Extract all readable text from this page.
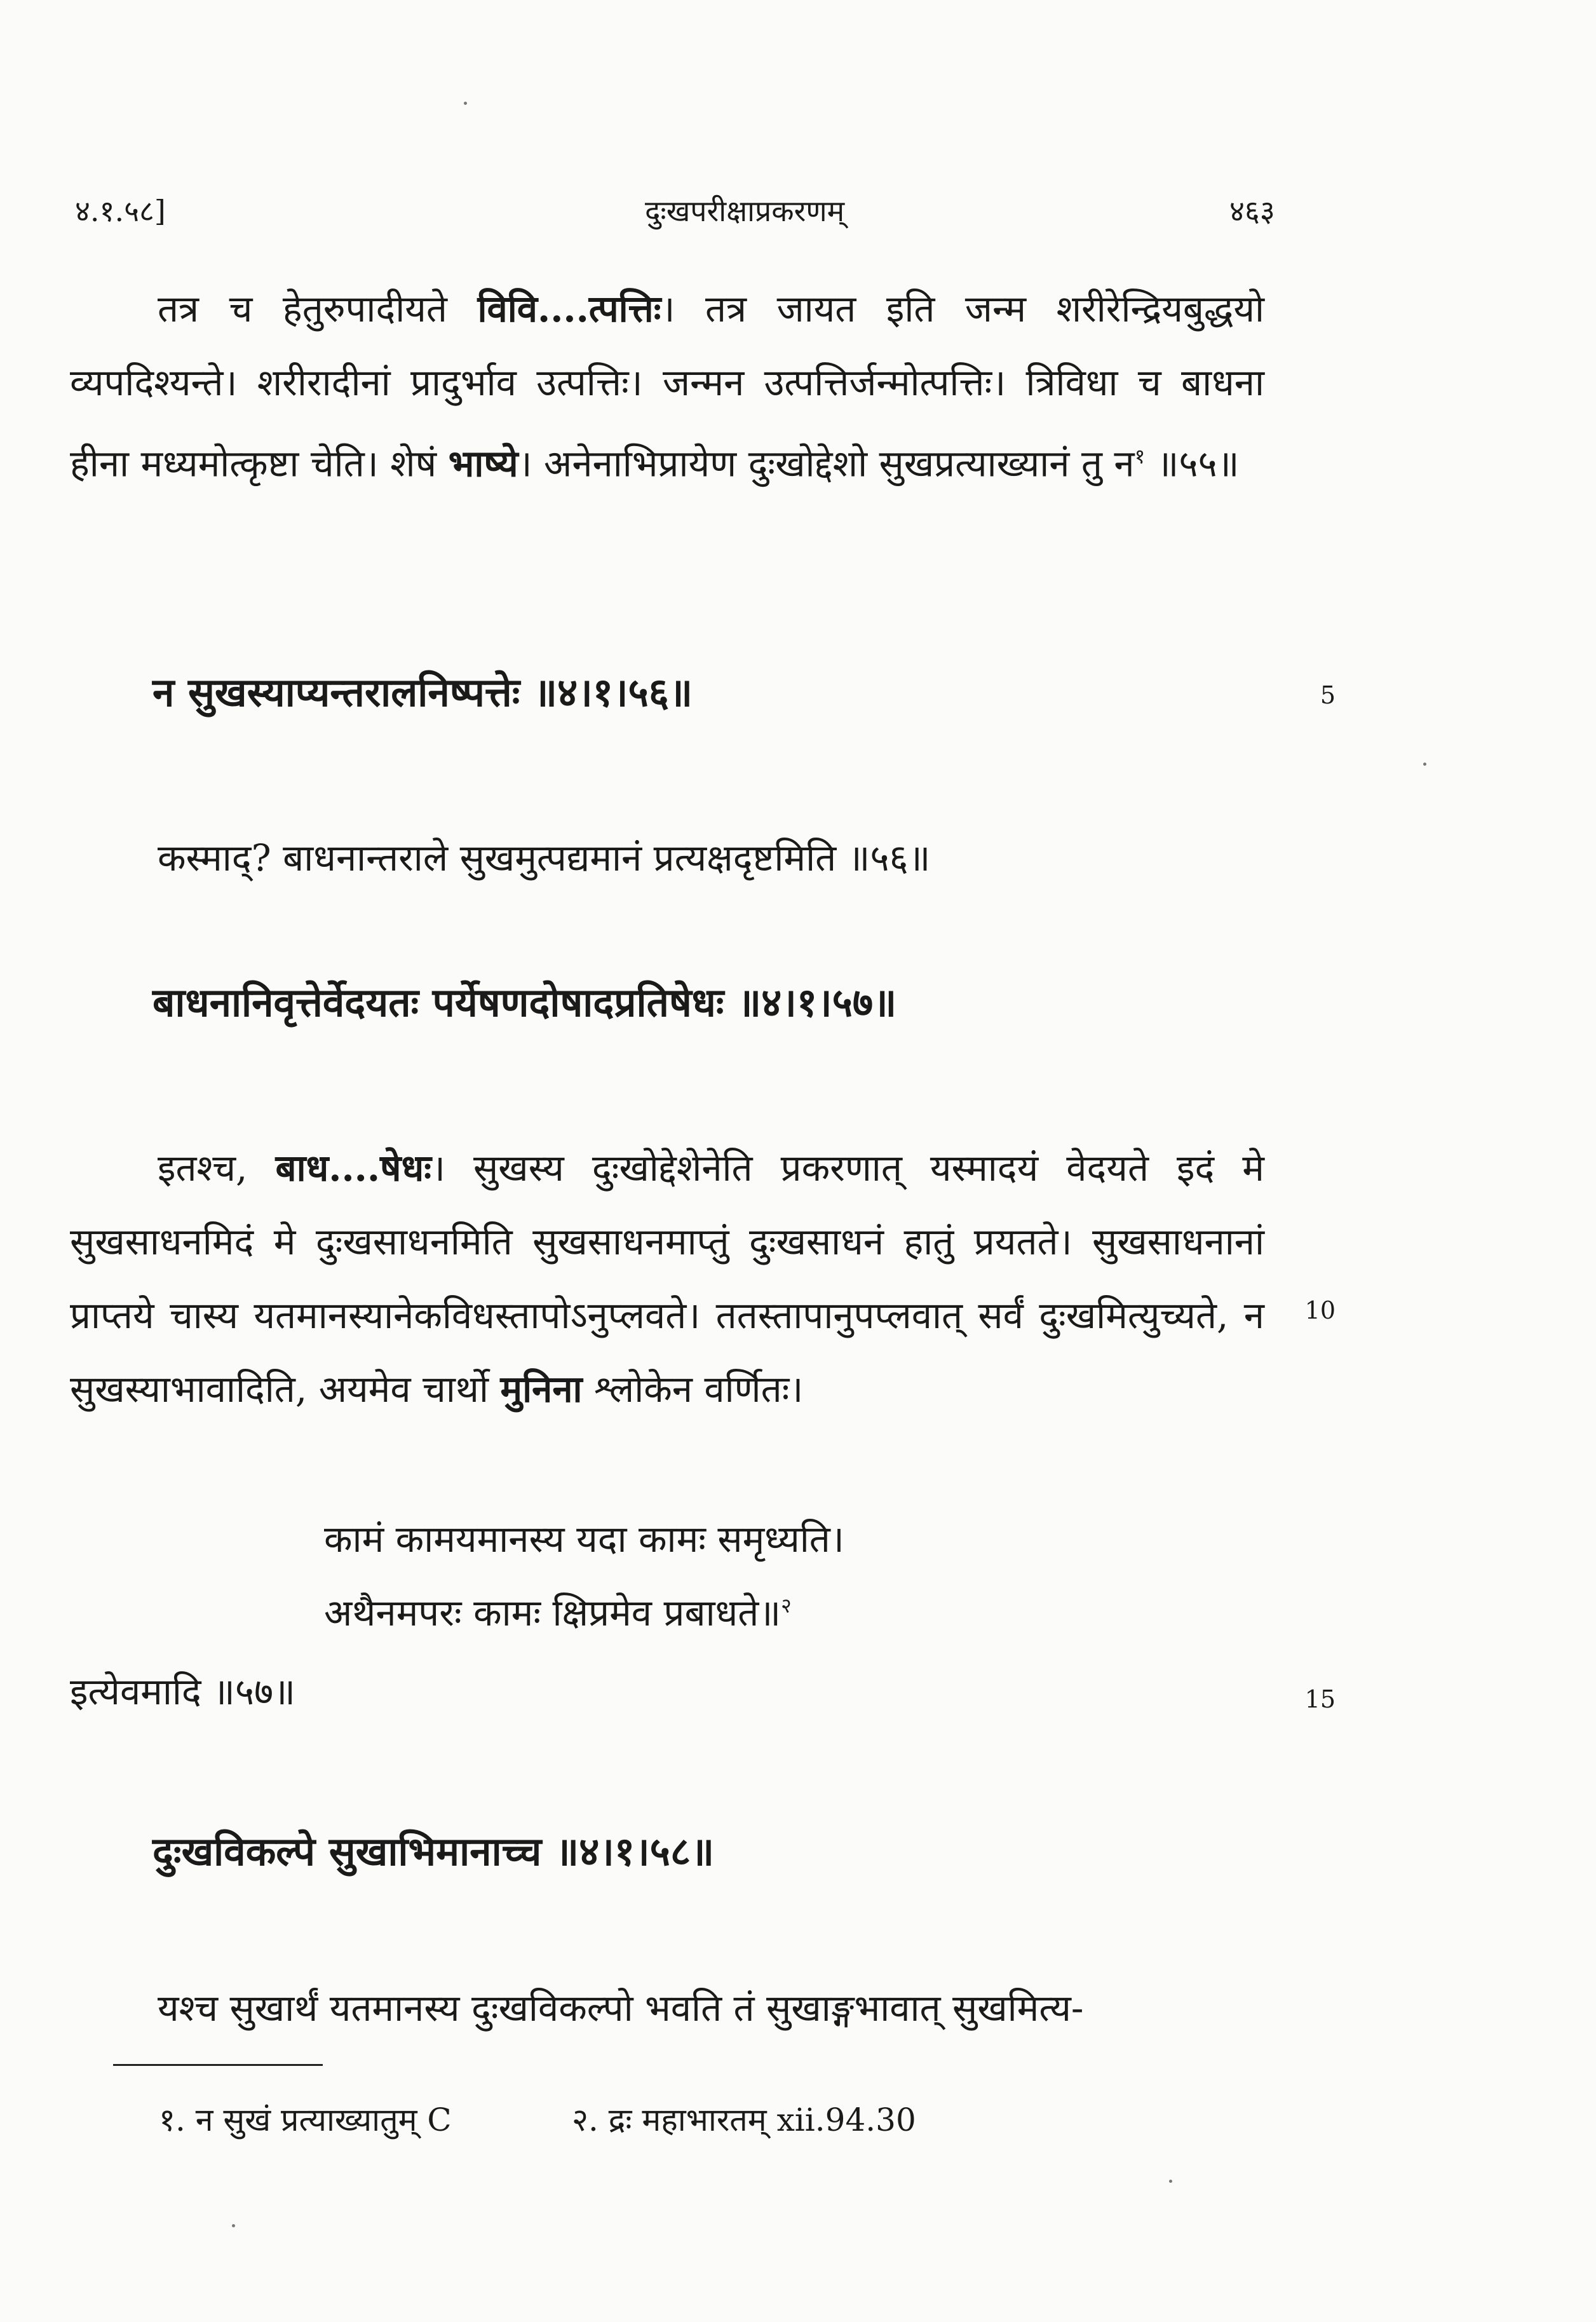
४.१.५८]	दुःखपरीक्षाप्रकरणम्	४६३
तत्र च हेतुरुपादीयते विवि....त्पत्तिः। तत्र जायत इति जन्म शरीरेन्द्रियबुद्धयो व्यपदिश्यन्ते। शरीरादीनां प्रादुर्भाव उत्पत्तिः। जन्मन उत्पत्तिर्जन्मोत्पत्तिः। त्रिविधा च बाधना हीना मध्यमोत्कृष्टा चेति। शेषं भाष्ये। अनेनाभिप्रायेण दुःखोद्देशो सुखप्रत्याख्यानं तु न$^१$ ॥५५॥
न सुखस्याप्यन्तरालनिष्पत्तेः ॥४।१।५६॥	5
कस्माद्? बाधनान्तराले सुखमुत्पद्यमानं प्रत्यक्षदृष्टमिति ॥५६॥
बाधनानिवृत्तेर्वेदयतः पर्येषणदोषादप्रतिषेधः ॥४।१।५७॥
इतश्च, बाध....षेधः। सुखस्य दुःखोद्देशेनेति प्रकरणात् यस्मादयं वेदयते इदं मे सुखसाधनमिदं मे दुःखसाधनमिति सुखसाधनमाप्तुं दुःखसाधनं हातुं प्रयतते। सुखसाधनानां प्राप्तये चास्य यतमानस्यानेकविधस्तापोऽनुप्लवते। ततस्तापानुपप्लवात् सर्वं दुःखमित्युच्यते, न सुखस्याभावादिति, अयमेव चार्थो मुनिना श्लोकेन वर्णितः।
10
कामं कामयमानस्य यदा कामः समृध्यति।
अथैनमपरः कामः क्षिप्रमेव प्रबाधते॥$^२$
इत्येवमादि ॥५७॥	15
दुःखविकल्पे सुखाभिमानाच्च ॥४।१।५८॥
यश्च सुखार्थं यतमानस्य दुःखविकल्पो भवति तं सुखाङ्गभावात् सुखमित्य-
१. न सुखं प्रत्याख्यातुम् C	२. द्रः महाभारतम् xii.94.30
